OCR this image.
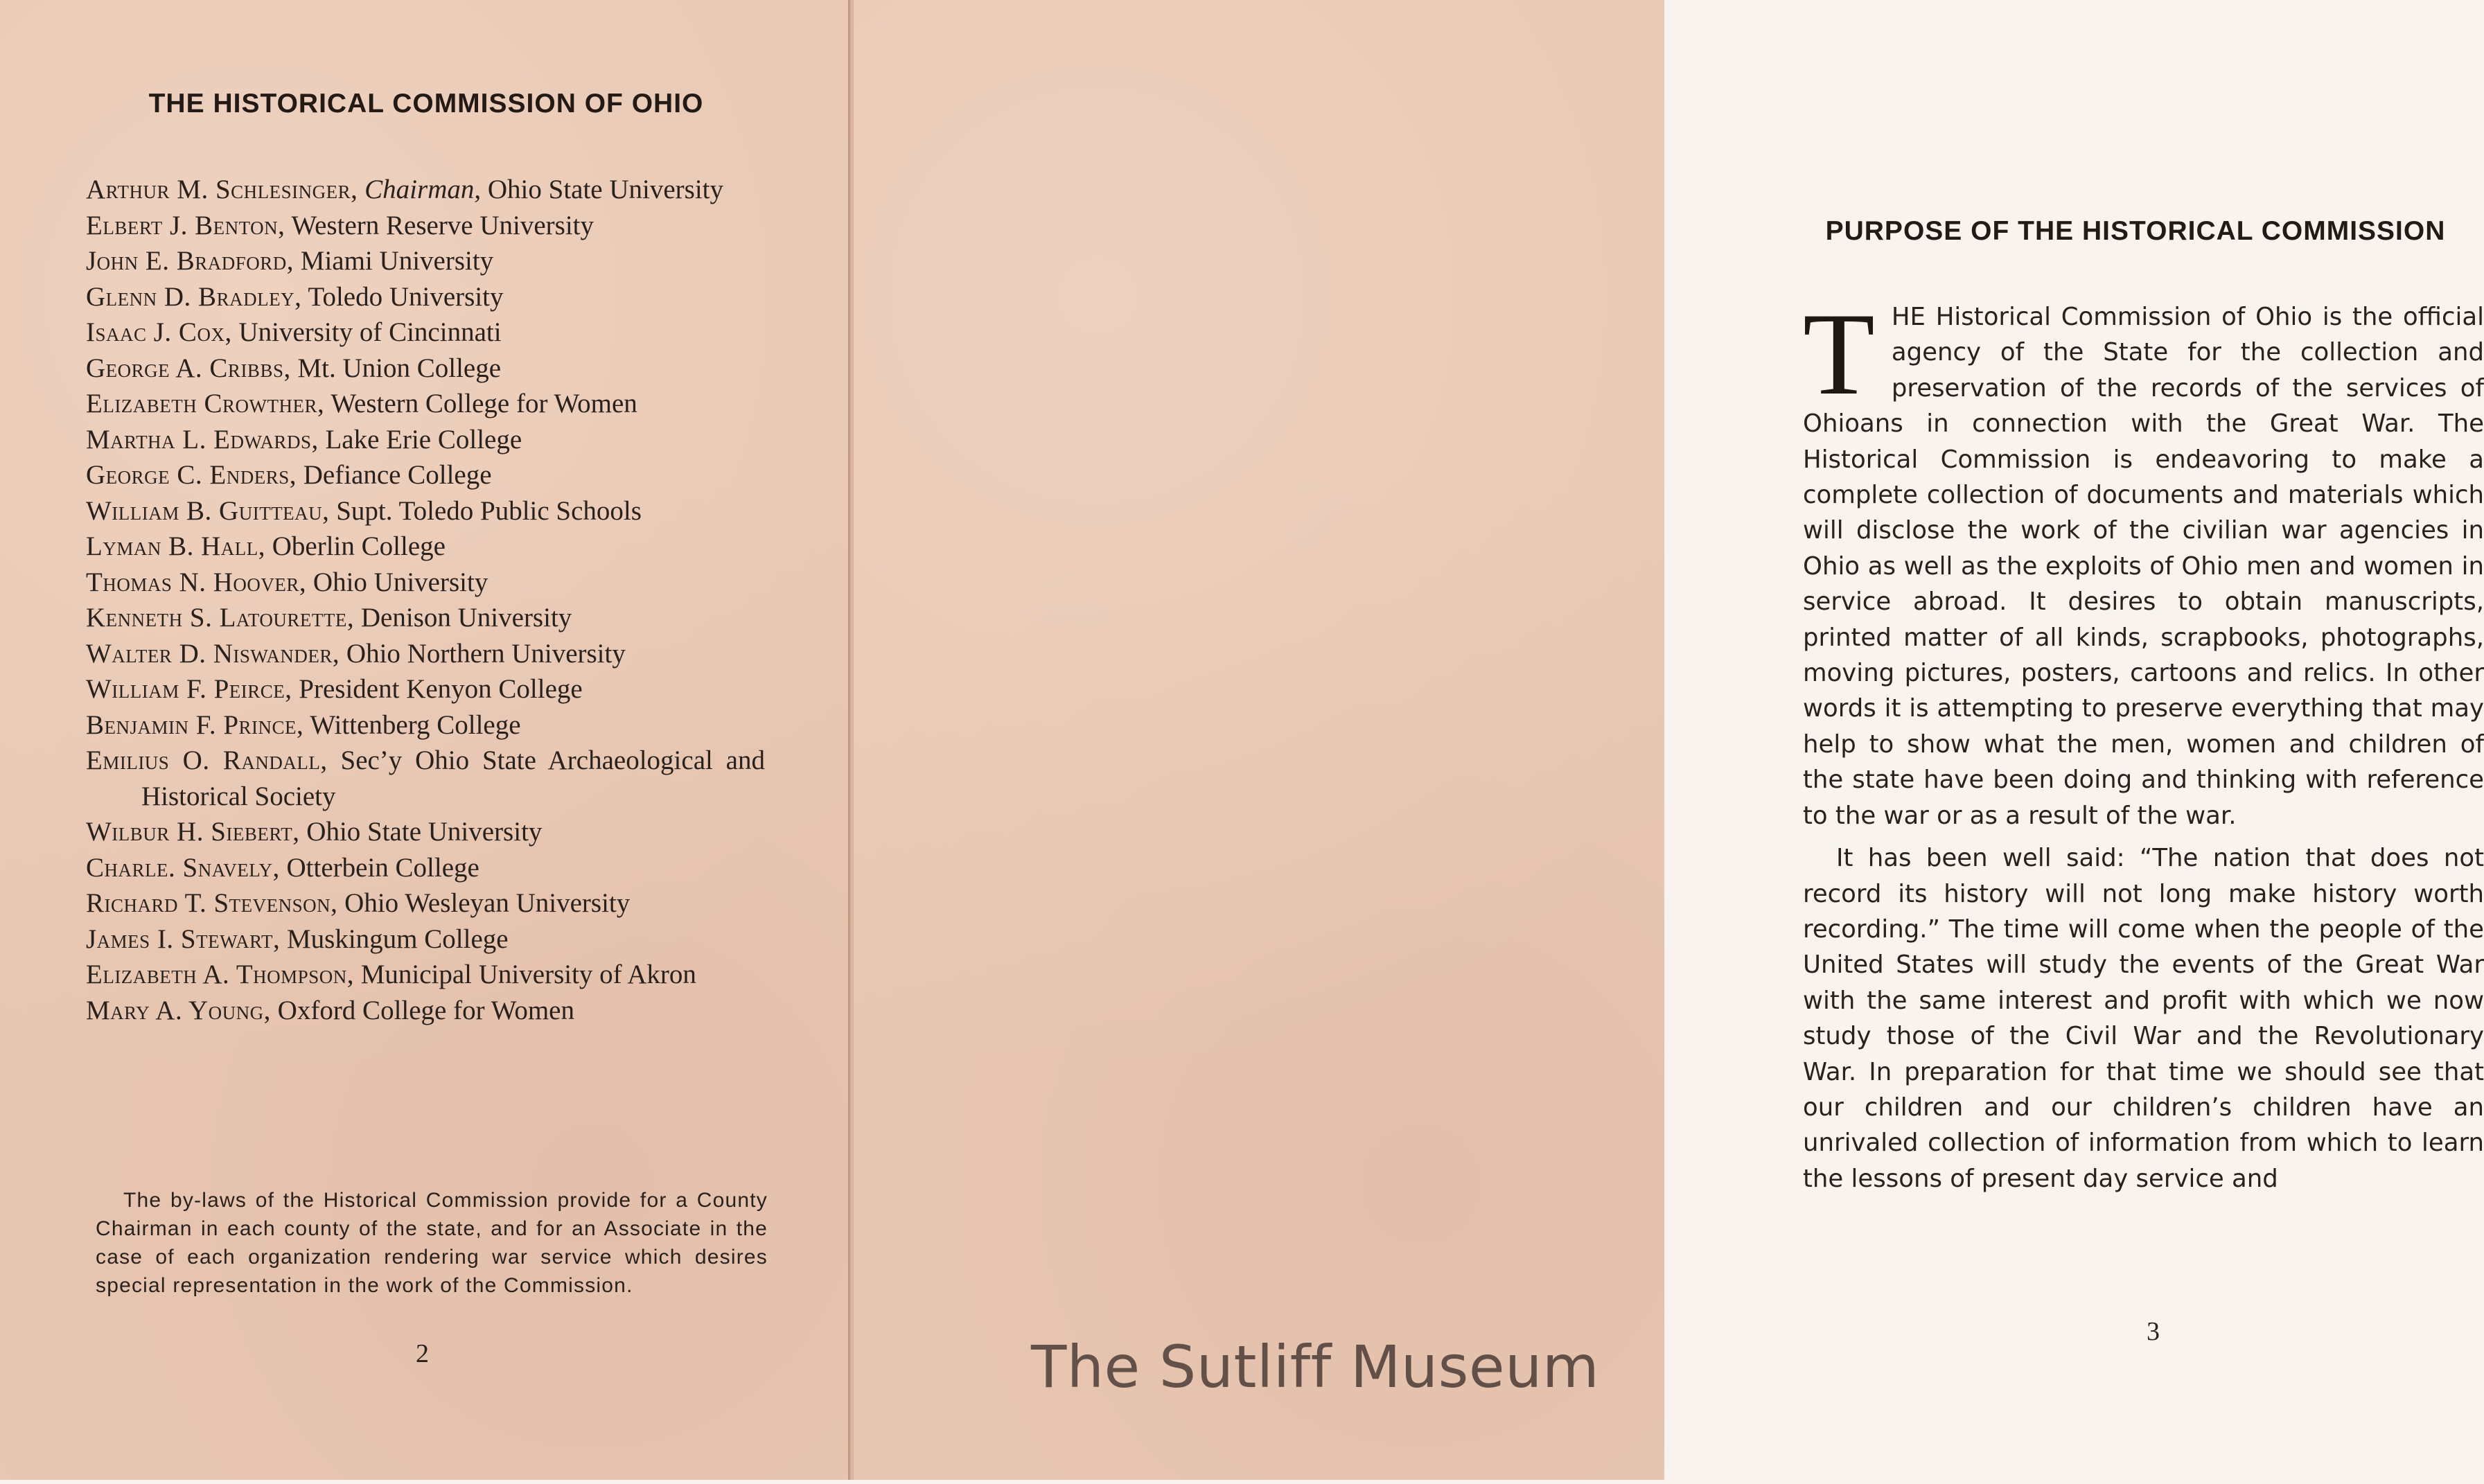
THE HISTORICAL COMMISSION OF OHIO
Arthur M. Schlesinger, Chairman, Ohio State University
Elbert J. Benton, Western Reserve University
John E. Bradford, Miami University
Glenn D. Bradley, Toledo University
Isaac J. Cox, University of Cincinnati
George A. Cribbs, Mt. Union College
Elizabeth Crowther, Western College for Women
Martha L. Edwards, Lake Erie College
George C. Enders, Defiance College
William B. Guitteau, Supt. Toledo Public Schools
Lyman B. Hall, Oberlin College
Thomas N. Hoover, Ohio University
Kenneth S. Latourette, Denison University
Walter D. Niswander, Ohio Northern University
William F. Peirce, President Kenyon College
Benjamin F. Prince, Wittenberg College
Emilius O. Randall, Sec’y Ohio State Archaeological and Historical Society
Wilbur H. Siebert, Ohio State University
Charle. Snavely, Otterbein College
Richard T. Stevenson, Ohio Wesleyan University
James I. Stewart, Muskingum College
Elizabeth A. Thompson, Municipal University of Akron
Mary A. Young, Oxford College for Women

The by-laws of the Historical Commission provide for a County Chairman in each county of the state, and for an Associate in the case of each organization rendering war service which desires special representation in the work of the Commission.

2
PURPOSE OF THE HISTORICAL COMMISSION

THE Historical Commission of Ohio is the official agency of the State for the collection and preservation of the records of the services of Ohioans in connection with the Great War. The Historical Commission is endeavoring to make a complete collection of documents and materials which will disclose the work of the civilian war agencies in Ohio as well as the exploits of Ohio men and women in service abroad. It desires to obtain manuscripts, printed matter of all kinds, scrapbooks, photographs, moving pictures, posters, cartoons and relics. In other words it is attempting to preserve everything that may help to show what the men, women and children of the state have been doing and thinking with reference to the war or as a result of the war.

It has been well said: “The nation that does not record its history will not long make history worth recording.” The time will come when the people of the United States will study the events of the Great War with the same interest and profit with which we now study those of the Civil War and the Revolutionary War. In preparation for that time we should see that our children and our children’s children have an unrivaled collection of information from which to learn the lessons of present day service and

3
The Sutliff Museum
